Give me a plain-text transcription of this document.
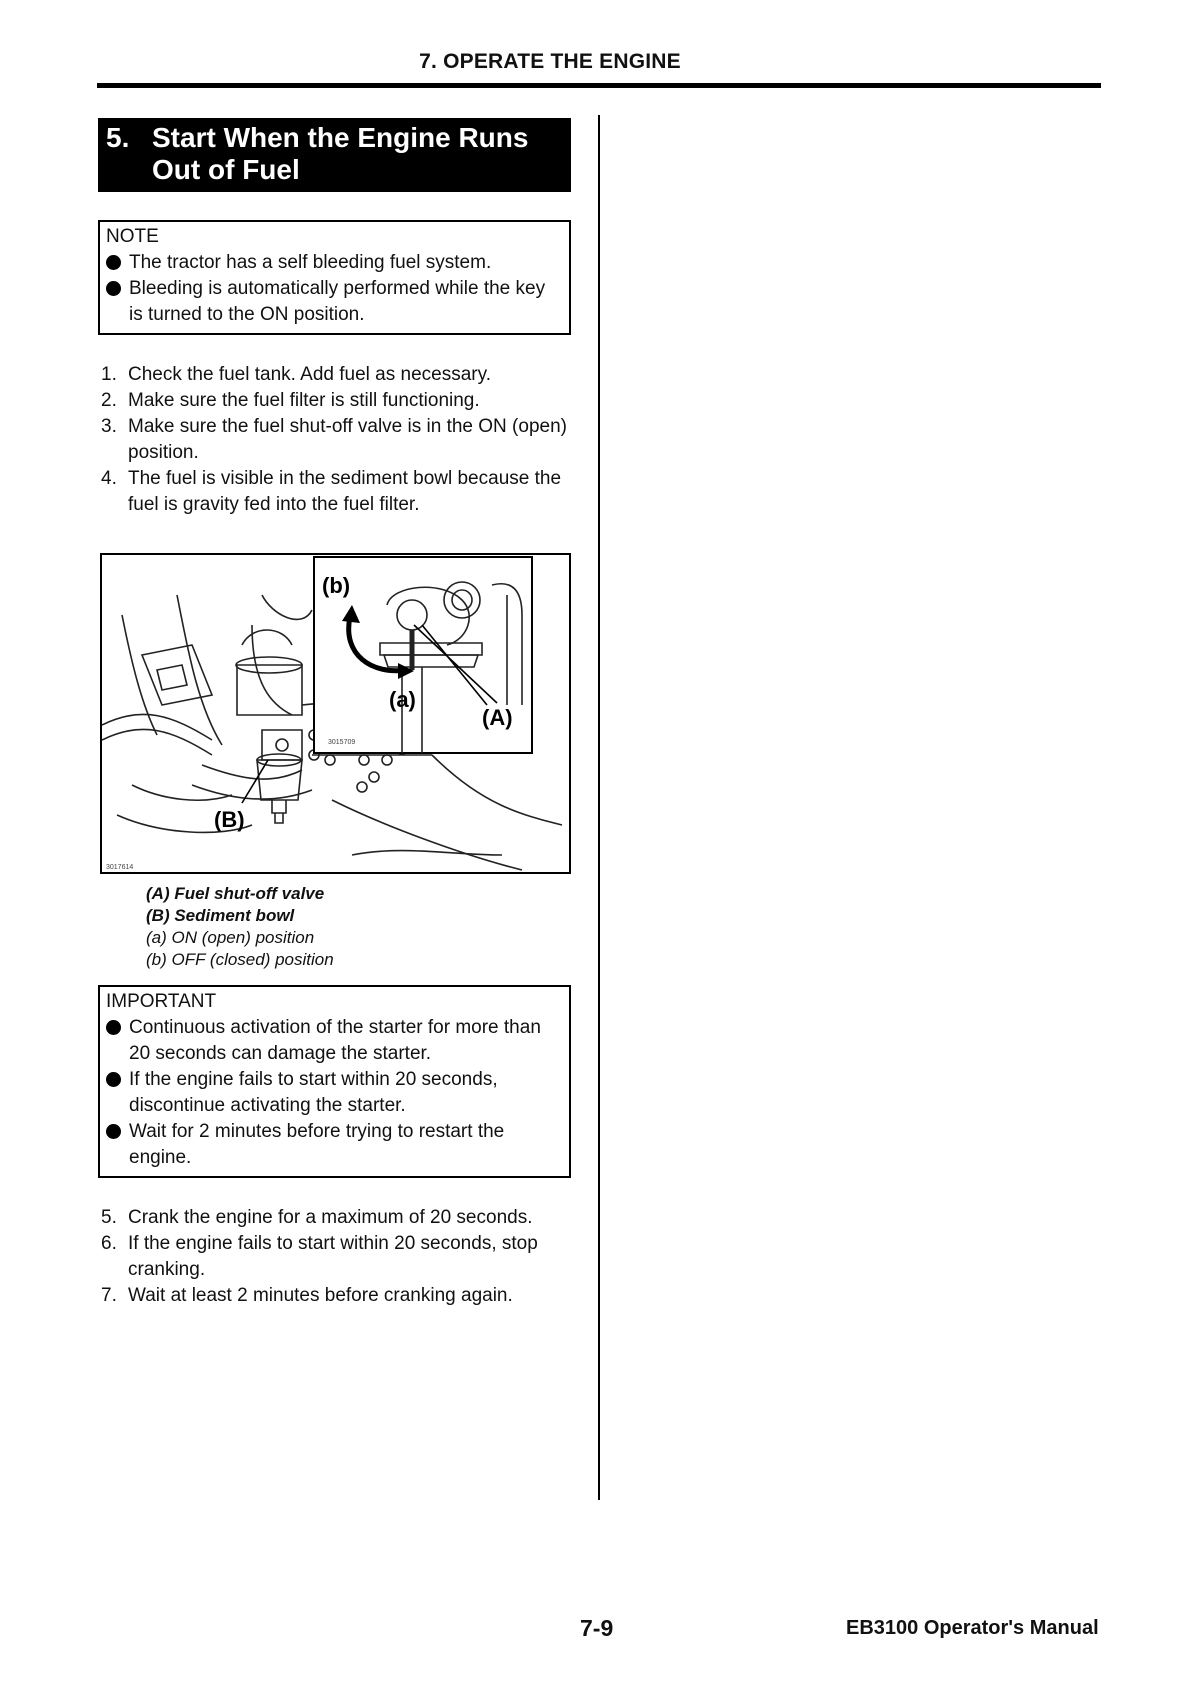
7. OPERATE THE ENGINE
5. Start When the Engine Runs Out of Fuel
NOTE
The tractor has a self bleeding fuel system.
Bleeding is automatically performed while the key is turned to the ON position.
1. Check the fuel tank. Add fuel as necessary.
2. Make sure the fuel filter is still functioning.
3. Make sure the fuel shut-off valve is in the ON (open) position.
4. The fuel is visible in the sediment bowl because the fuel is gravity fed into the fuel filter.
(B)
3017614
(b)
(a)
(A)
3015709
(A) Fuel shut-off valve
(B) Sediment bowl
(a) ON (open) position
(b) OFF (closed) position
IMPORTANT
Continuous activation of the starter for more than 20 seconds can damage the starter.
If the engine fails to start within 20 seconds, discontinue activating the starter.
Wait for 2 minutes before trying to restart the engine.
5. Crank the engine for a maximum of 20 seconds.
6. If the engine fails to start within 20 seconds, stop cranking.
7. Wait at least 2 minutes before cranking again.
7-9	EB3100 Operator's Manual
